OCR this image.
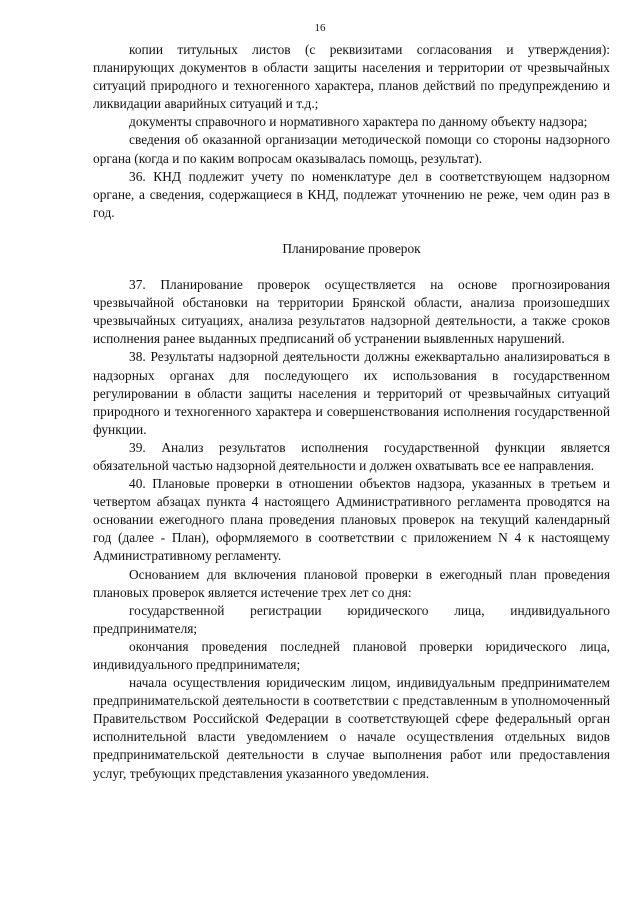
16

копии титульных листов (с реквизитами согласования и утверждения): планирующих документов в области защиты населения и территории от чрезвычайных ситуаций природного и техногенного характера, планов действий по предупреждению и ликвидации аварийных ситуаций и т.д.;

документы справочного и нормативного характера по данному объекту надзора;

сведения об оказанной организации методической помощи со стороны надзорного органа (когда и по каким вопросам оказывалась помощь, результат).

36. КНД подлежит учету по номенклатуре дел в соответствующем надзорном органе, а сведения, содержащиеся в КНД, подлежат уточнению не реже, чем один раз в год.

Планирование проверок

37. Планирование проверок осуществляется на основе прогнозирования чрезвычайной обстановки на территории Брянской области, анализа произошедших чрезвычайных ситуациях, анализа результатов надзорной деятельности, а также сроков исполнения ранее выданных предписаний об устранении выявленных нарушений.

38. Результаты надзорной деятельности должны ежеквартально анализироваться в надзорных органах для последующего их использования в государственном регулировании в области защиты населения и территорий от чрезвычайных ситуаций природного и техногенного характера и совершенствования исполнения государственной функции.

39. Анализ результатов исполнения государственной функции является обязательной частью надзорной деятельности и должен охватывать все ее направления.

40. Плановые проверки в отношении объектов надзора, указанных в третьем и четвертом абзацах пункта 4 настоящего Административного регламента проводятся на основании ежегодного плана проведения плановых проверок на текущий календарный год (далее - План), оформляемого в соответствии с приложением N 4 к настоящему Административному регламенту.

Основанием для включения плановой проверки в ежегодный план проведения плановых проверок является истечение трех лет со дня:

государственной регистрации юридического лица, индивидуального предпринимателя;

окончания проведения последней плановой проверки юридического лица, индивидуального предпринимателя;

начала осуществления юридическим лицом, индивидуальным предпринимателем предпринимательской деятельности в соответствии с представленным в уполномоченный Правительством Российской Федерации в соответствующей сфере федеральный орган исполнительной власти уведомлением о начале осуществления отдельных видов предпринимательской деятельности в случае выполнения работ или предоставления услуг, требующих представления указанного уведомления.
